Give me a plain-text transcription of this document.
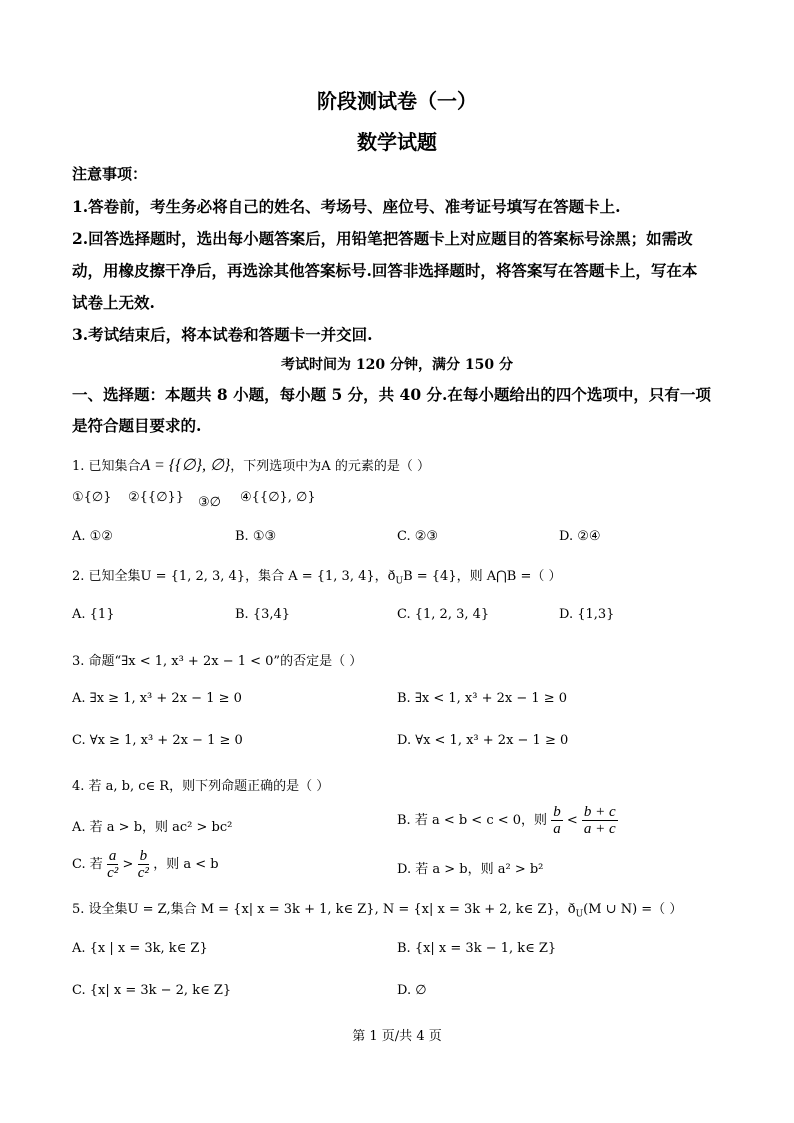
阶段测试卷（一）
数学试题
注意事项：
1.答卷前，考生务必将自己的姓名、考场号、座位号、准考证号填写在答题卡上.
2.回答选择题时，选出每小题答案后，用铅笔把答题卡上对应题目的答案标号涂黑；如需改
动，用橡皮擦干净后，再选涂其他答案标号.回答非选择题时，将答案写在答题卡上，写在本
试卷上无效.
3.考试结束后，将本试卷和答题卡一并交回.
考试时间为 120 分钟，满分 150 分
一、选择题：本题共 8 小题，每小题 5 分，共 40 分.在每小题给出的四个选项中，只有一项
是符合题目要求的.
1. 已知集合A = {{∅}, ∅}，下列选项中为A 的元素的是（ ）
①{∅} ②{{∅}} ③∅ ④{{∅}, ∅}
A. ①②	B. ①③	C. ②③	D. ②④
2. 已知全集U = {1, 2, 3, 4}，集合 A = {1, 3, 4}，$ð_UB = \{4\}$，则 A⋂B =（ ）
A. {1}	B. {3,4}	C. {1, 2, 3, 4}	D. {1,3}
3. 命题“∃x < 1, x³ + 2x − 1 < 0”的否定是（ ）
A. ∃x ≥ 1, x³ + 2x − 1 ≥ 0	B. ∃x < 1, x³ + 2x − 1 ≥ 0
C. ∀x ≥ 1, x³ + 2x − 1 ≥ 0	D. ∀x < 1, x³ + 2x − 1 ≥ 0
4. 若 a, b, c∈ R，则下列命题正确的是（ ）
A. 若 a > b，则 ac² > bc²	B. 若 a < b < c < 0，则 $\frac{b}{a} < \frac{b + c}{a + c}$
C. 若 $\frac{a}{\text{c²}} > \frac{b}{\text{c²}}$ ，则 a < b	D. 若 a > b，则 a² > b²
5. 设全集U = Z,集合 M = {x| x = 3k + 1, k∈ Z}, N = {x| x = 3k + 2, k∈ Z}，$ð_U(M$ ∪ N) =（ ）
A. {x | x = 3k, k∈ Z}	B. {x| x = 3k − 1, k∈ Z}
C. {x| x = 3k − 2, k∈ Z}	D. ∅
第 1 页/共 4 页
